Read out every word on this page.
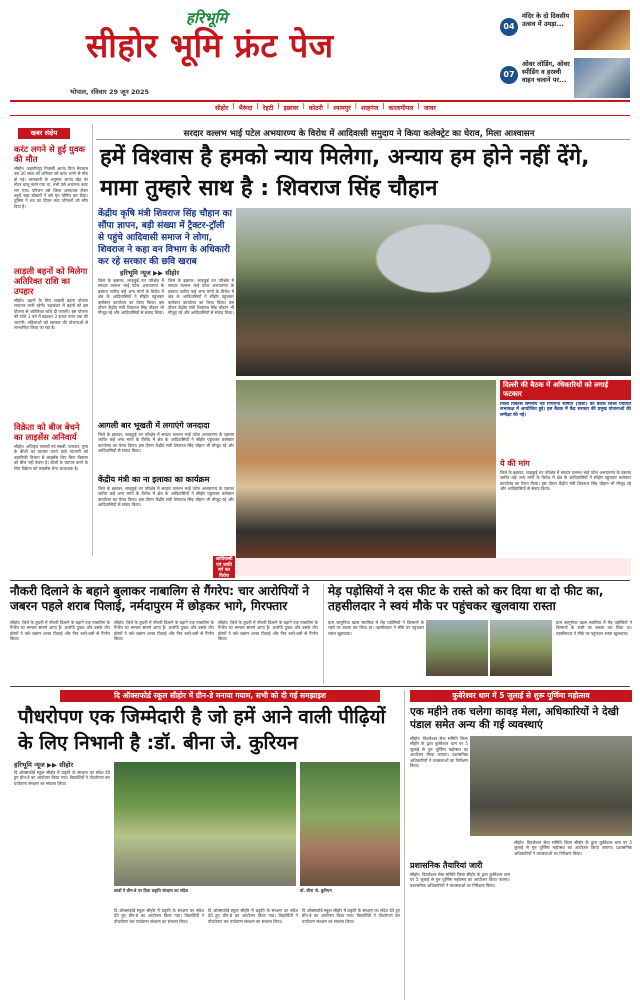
हरिभूमि
सीहोर भूमि फ्रंट पेज
भोपाल, रविवार 29 जून 2025
सीहोर | भैरूंदा | रेहटी | इछावर | कोठरी | श्यामपुर | शाहगंज | कालापीपल | जावर
04
मंदिर के दो दिवसीय उत्सव में उमड़ा...
07
ओवर लोडिंग, ओवर स्पीडिंग व हरश्वी वाहन चलाने पर...
खबर संक्षेप
करंट लगने से हुई युवक की मौत
सीहोर। जहांगीरपुर निवासी आनंद पिता मेवाराम उम्र 30 साल को शनिवार को करंट लगने से मौत हो गई। जानकारी के अनुसार आनंद खेत पर मोटर चालू करने गया था, तभी उसे अचानक करंट लग गया। परिजन उसे जिला अस्पताल लेकर पहुंचे जहां डॉक्टरों ने उसे मृत घोषित कर दिया। पुलिस ने शव का पीएम करा परिजनों को सौंप दिया है।
लाड़ली बहनों को मिलेगा अतिरिक्त राशि का उपहार
सीहोर। बहनों के लिए लाड़ली बहना योजना लगातार जारी रहेगी। रक्षाबंधन में बहनों को इस योजना से अतिरिक्त राशि दी जाएगी। इस योजना की राशि 3 वर्ष में बढ़ाकर 3 हजार रुपए तक की जाएगी। महिलाओं को सरकार की योजनाओं से लाभान्वित किया जा रहा है।
विक्रेता को बीज बेचने का लाइसेंस अनिवार्य
सीहोर। अधिकृत फसलों एवं सब्जी, फलदार, पुष्प के बीजों का व्यापार करने वाले व्यापारी को उद्यानिकी विभाग से लाइसेंस लिए बिना किसान को बीज नहीं बेचना है। बीजों के व्यापार करने के लिए विक्रेता को लाइसेंस लेना आवश्यक है।
सरदार वल्लभ भाई पटेल अभयारण्य के विरोध में आदिवासी समुदाय ने किया कलेक्ट्रेट का घेराव, मिला आश्वासन
हमें विश्वास है हमको न्याय मिलेगा, अन्याय हम होने नहीं देंगे, मामा तुम्हारे साथ है : शिवराज सिंह चौहान
केंद्रीय कृषि मंत्री शिवराज सिंह चौहान का सौंपा ज्ञापन, बड़ी संख्या में ट्रैक्टर-ट्रॉली से पहुंचे आदिवासी समाज ने लोगा, शिवराज ने कहा वन विभाग के अधिकारी कर रहे सरकार की छवि खराब
हरिभूमि न्यूज ▶▶ सीहोर
जिले के इछावर, लाड़कुई वन परिक्षेत्र में सरदार वल्लभ भाई पटेल अभयारण्य के प्रस्ताव जारित कई अन्य मांगों के विरोध में क्षेत्र के आदिवासियों ने सीहोर पहुंचकर कलेक्टर कार्यालय का घेराव किया। इस दौरान केंद्रीय मंत्री शिवराज सिंह चौहान भी मौजूद रहे और आदिवासियों से संवाद किया।
जिले के इछावर, लाड़कुई वन परिक्षेत्र में सरदार वल्लभ भाई पटेल अभयारण्य के प्रस्ताव जारित कई अन्य मांगों के विरोध में क्षेत्र के आदिवासियों ने सीहोर पहुंचकर कलेक्टर कार्यालय का घेराव किया। इस दौरान केंद्रीय मंत्री शिवराज सिंह चौहान भी मौजूद रहे और आदिवासियों से संवाद किया।
आगली बार भूखती में लगाएंगे जनदादा
जिले के इछावर, लाड़कुई वन परिक्षेत्र में सरदार वल्लभ भाई पटेल अभयारण्य के प्रस्ताव जारित कई अन्य मांगों के विरोध में क्षेत्र के आदिवासियों ने सीहोर पहुंचकर कलेक्टर कार्यालय का घेराव किया। इस दौरान केंद्रीय मंत्री शिवराज सिंह चौहान भी मौजूद रहे और आदिवासियों से संवाद किया।
केंद्रीय मंत्री का ना इलाका का कार्यक्रम
जिले के इछावर, लाड़कुई वन परिक्षेत्र में सरदार वल्लभ भाई पटेल अभयारण्य के प्रस्ताव जारित कई अन्य मांगों के विरोध में क्षेत्र के आदिवासियों ने सीहोर पहुंचकर कलेक्टर कार्यालय का घेराव किया। इस दौरान केंद्रीय मंत्री शिवराज सिंह चौहान भी मौजूद रहे और आदिवासियों से संवाद किया।
दिल्ली की बैठक में अधिकारियों को लगाई फटकार
जिला विकास समन्वय एवं निगरानी समिति (दिशा) की बैठक जिला पंचायत सभाकक्ष में आयोजित हुई। इस बैठक में केंद्र सरकार की प्रमुख योजनाओं की समीक्षा की गई।
ये की मांग
जिले के इछावर, लाड़कुई वन परिक्षेत्र में सरदार वल्लभ भाई पटेल अभयारण्य के प्रस्ताव जारित कई अन्य मांगों के विरोध में क्षेत्र के आदिवासियों ने सीहोर पहुंचकर कलेक्टर कार्यालय का घेराव किया। इस दौरान केंद्रीय मंत्री शिवराज सिंह चौहान भी मौजूद रहे और आदिवासियों से संवाद किया।
आदिवासी एवं जाति वर्ग का विरोध
नौकरी दिलाने के बहाने बुलाकर नाबालिग से गैंगरेप: चार आरोपियों ने जबरन पहले शराब पिलाई, नर्मदापुरम में छोड़कर भागे, गिरफ्तार
सीहोर। जिले के बुधनी में नौकरी दिलाने के बहाने एक नाबालिग के गैंगरेप का मामला सामने आया है। आरोपी युवक और उसके तीन दोस्तों ने उसे जबरन शराब पिलाई और फिर बारी-बारी से गैंगरेप किया।
सीहोर। जिले के बुधनी में नौकरी दिलाने के बहाने एक नाबालिग के गैंगरेप का मामला सामने आया है। आरोपी युवक और उसके तीन दोस्तों ने उसे जबरन शराब पिलाई और फिर बारी-बारी से गैंगरेप किया।
सीहोर। जिले के बुधनी में नौकरी दिलाने के बहाने एक नाबालिग के गैंगरेप का मामला सामने आया है। आरोपी युवक और उसके तीन दोस्तों ने उसे जबरन शराब पिलाई और फिर बारी-बारी से गैंगरेप किया।
मेड़ पड़ोसियों ने दस फीट के रास्ते को कर दिया था दो फीट का, तहसीलदार ने स्वयं मौके पर पहुंचकर खुलवाया रास्ता
ग्राम जामुनिया खास स्वामित्व में मेड़ पड़ोसियों ने किसानों के रास्ते पर कब्जा कर लिया था। तहसीलदार ने मौके पर पहुंचकर रास्ता खुलवाया।
ग्राम जामुनिया खास स्वामित्व में मेड़ पड़ोसियों ने किसानों के रास्ते पर कब्जा कर लिया था। तहसीलदार ने मौके पर पहुंचकर रास्ता खुलवाया।
दि ऑक्सफोर्ड स्कूल सीहोर में ग्रीन-डे मनाया गयाम, सभी को दी गई समझाइश
पौधरोपण एक जिम्मेदारी है जो हमें आने वाली पीढ़ियों के लिए निभानी है :डॉ. बीना जे. कुरियन
हरिभूमि न्यूज ▶▶ सीहोर
दि ऑक्सफोर्ड स्कूल सीहोर में प्रकृति के संरक्षण का संदेश देते हुए ग्रीन-डे का आयोजन किया गया। विद्यार्थियों ने पौधरोपण कर पर्यावरण संरक्षण का संकल्प लिया।
छात्रों ने ग्रीन-डे पर दिया प्रकृति संरक्षण का संदेश	डॉ. बीना जे. कुरियन
दि ऑक्सफोर्ड स्कूल सीहोर में प्रकृति के संरक्षण का संदेश देते हुए ग्रीन-डे का आयोजन किया गया। विद्यार्थियों ने पौधरोपण कर पर्यावरण संरक्षण का संकल्प लिया।
दि ऑक्सफोर्ड स्कूल सीहोर में प्रकृति के संरक्षण का संदेश देते हुए ग्रीन-डे का आयोजन किया गया। विद्यार्थियों ने पौधरोपण कर पर्यावरण संरक्षण का संकल्प लिया।
दि ऑक्सफोर्ड स्कूल सीहोर में प्रकृति के संरक्षण का संदेश देते हुए ग्रीन-डे का आयोजन किया गया। विद्यार्थियों ने पौधरोपण कर पर्यावरण संरक्षण का संकल्प लिया।
कुबेरेश्वर धाम में 5 जुलाई से शुरू पूर्णिमा महोत्सव
एक महीने तक चलेगा कावड़ मेला, अधिकारियों ने देखी पंडाल समेत अन्य की गई व्यवस्थाएं
सीहोर। विठलेश्वर सेवा समिति जिला सीहोर के द्वारा कुबेरेश्वर धाम पर 5 जुलाई से गुरु पूर्णिमा महोत्सव का आयोजन किया जाएगा। प्रशासनिक अधिकारियों ने व्यवस्थाओं का निरीक्षण किया।
प्रशासनिक तैयारियां जारी
सीहोर। विठलेश्वर सेवा समिति जिला सीहोर के द्वारा कुबेरेश्वर धाम पर 5 जुलाई से गुरु पूर्णिमा महोत्सव का आयोजन किया जाएगा। प्रशासनिक अधिकारियों ने व्यवस्थाओं का निरीक्षण किया।
सीहोर। विठलेश्वर सेवा समिति जिला सीहोर के द्वारा कुबेरेश्वर धाम पर 5 जुलाई से गुरु पूर्णिमा महोत्सव का आयोजन किया जाएगा। प्रशासनिक अधिकारियों ने व्यवस्थाओं का निरीक्षण किया।
